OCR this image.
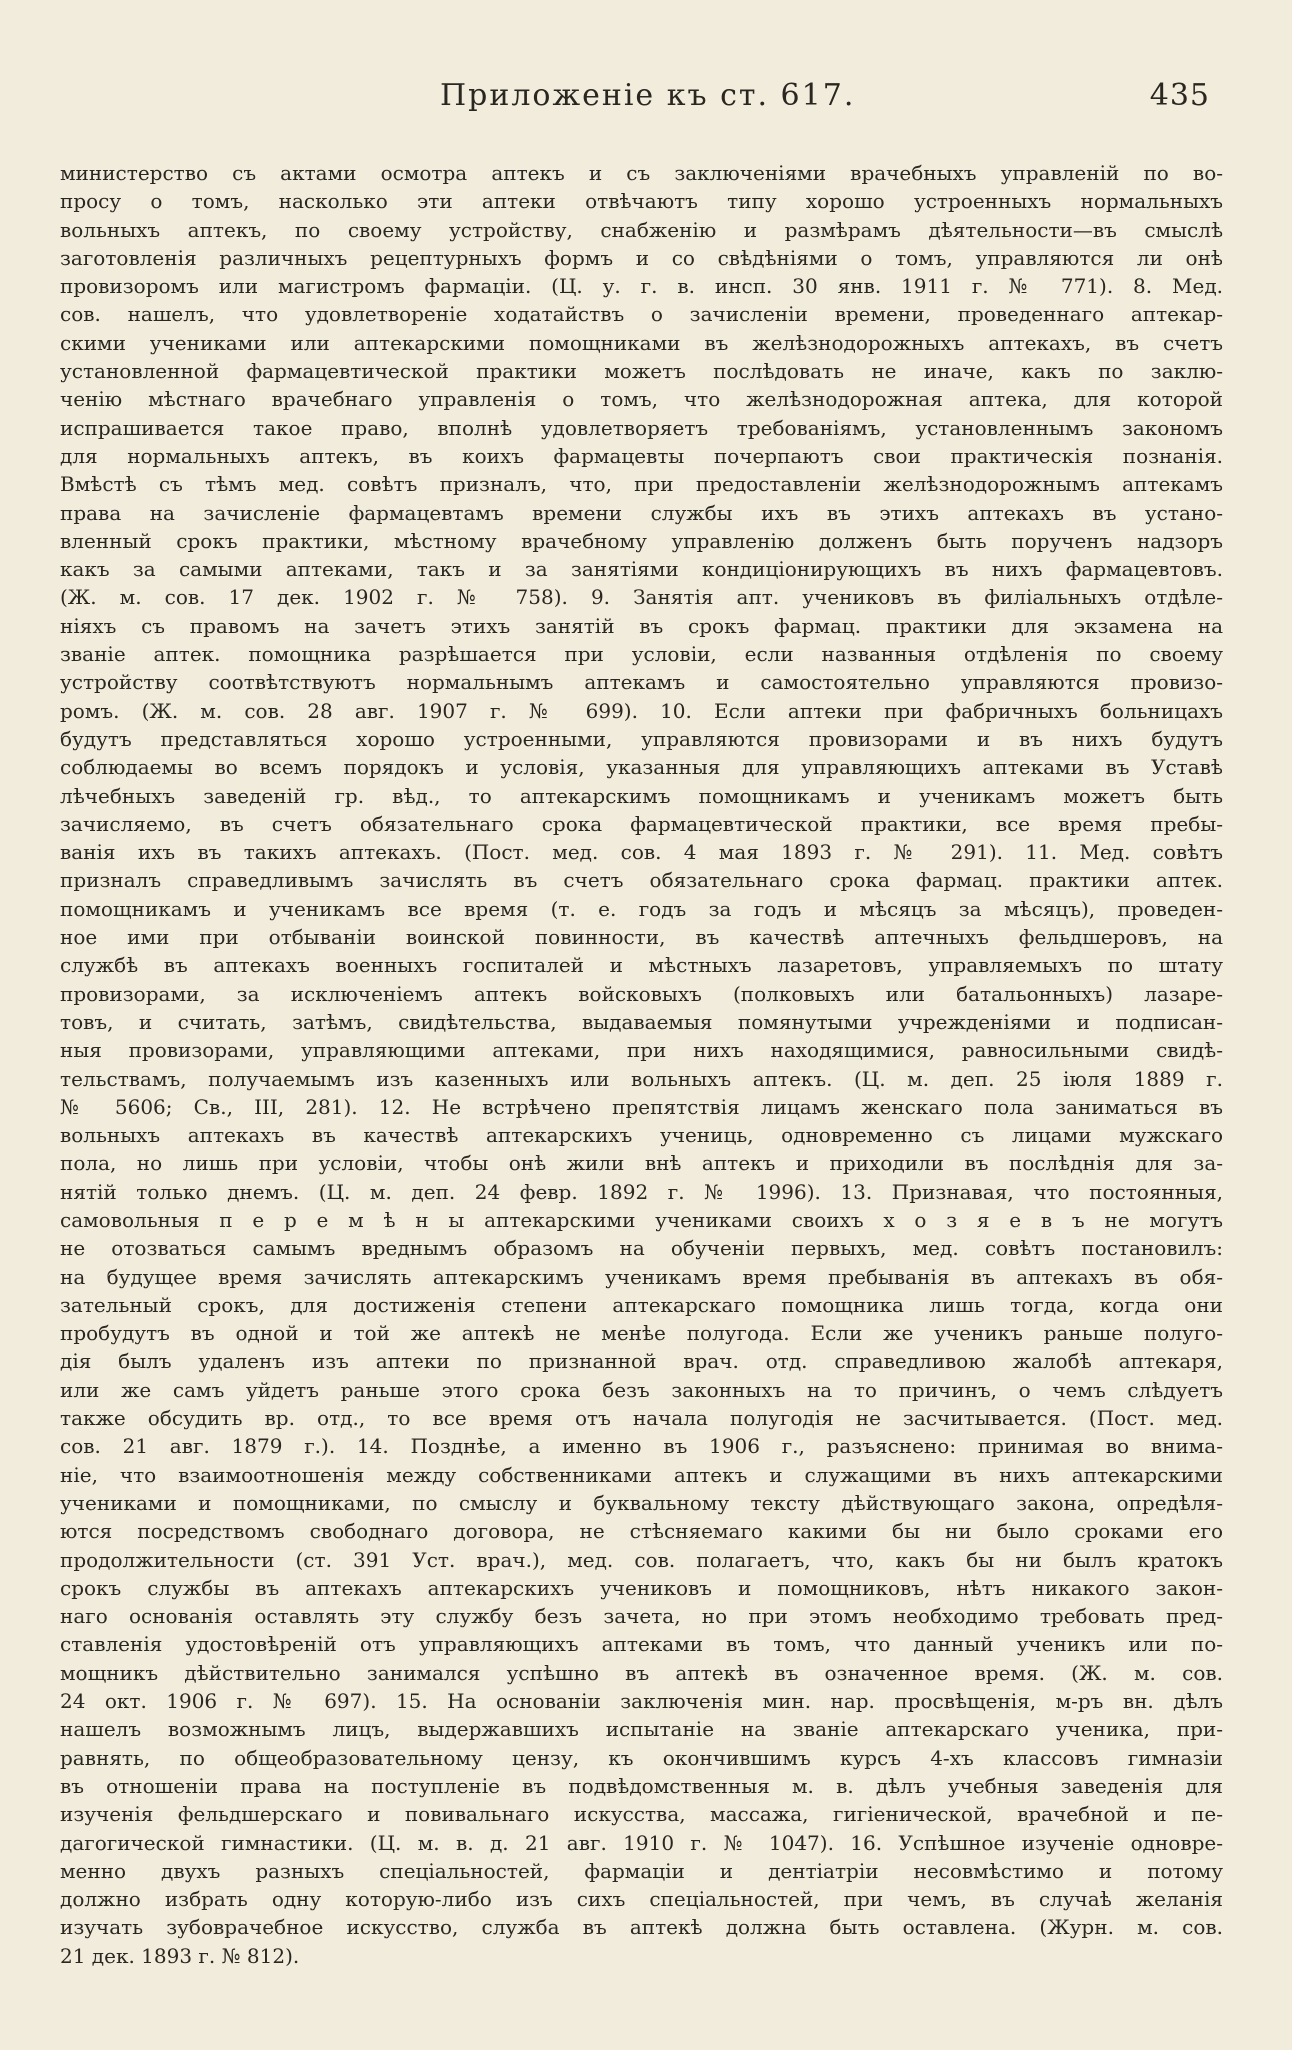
Приложенiе къ ст. 617.	435
министерство съ актами осмотра аптекъ и съ заключенiями врачебныхъ управленiй по во-
просу о томъ, насколько эти аптеки отвѣчаютъ типу хорошо устроенныхъ нормальныхъ
вольныхъ аптекъ, по своему устройству, снабженiю и размѣрамъ дѣятельности—въ смыслѣ
заготовленiя различныхъ рецептурныхъ формъ и со свѣдѣнiями о томъ, управляются ли онѣ
провизоромъ или магистромъ фармацiи. (Ц. у. г. в. инсп. 30 янв. 1911 г. № 771). 8. Мед.
сов. нашелъ, что удовлетворенiе ходатайствъ о зачисленiи времени, проведеннаго аптекар-
скими учениками или аптекарскими помощниками въ желѣзнодорожныхъ аптекахъ, въ счетъ
установленной фармацевтической практики можетъ послѣдовать не иначе, какъ по заклю-
ченiю мѣстнаго врачебнаго управленiя о томъ, что желѣзнодорожная аптека, для которой
испрашивается такое право, вполнѣ удовлетворяетъ требованiямъ, установленнымъ закономъ
для нормальныхъ аптекъ, въ коихъ фармацевты почерпаютъ свои практическiя познанiя.
Вмѣстѣ съ тѣмъ мед. совѣтъ призналъ, что, при предоставленiи желѣзнодорожнымъ аптекамъ
права на зачисленiе фармацевтамъ времени службы ихъ въ этихъ аптекахъ въ устано-
вленный срокъ практики, мѣстному врачебному управленiю долженъ быть порученъ надзоръ
какъ за самыми аптеками, такъ и за занятiями кондицiонирующихъ въ нихъ фармацевтовъ.
(Ж. м. сов. 17 дек. 1902 г. № 758). 9. Занятiя апт. учениковъ въ филiальныхъ отдѣле-
нiяхъ съ правомъ на зачетъ этихъ занятiй въ срокъ фармац. практики для экзамена на
званiе аптек. помощника разрѣшается при условiи, если названныя отдѣленiя по своему
устройству соотвѣтствуютъ нормальнымъ аптекамъ и самостоятельно управляются провизо-
ромъ. (Ж. м. сов. 28 авг. 1907 г. № 699). 10. Если аптеки при фабричныхъ больницахъ
будутъ представляться хорошо устроенными, управляются провизорами и въ нихъ будутъ
соблюдаемы во всемъ порядокъ и условiя, указанныя для управляющихъ аптеками въ Уставѣ
лѣчебныхъ заведенiй гр. вѣд., то аптекарскимъ помощникамъ и ученикамъ можетъ быть
зачисляемо, въ счетъ обязательнаго срока фармацевтической практики, все время пребы-
ванiя ихъ въ такихъ аптекахъ. (Пост. мед. сов. 4 мая 1893 г. № 291). 11. Мед. совѣтъ
призналъ справедливымъ зачислять въ счетъ обязательнаго срока фармац. практики аптек.
помощникамъ и ученикамъ все время (т. е. годъ за годъ и мѣсяцъ за мѣсяцъ), проведен-
ное ими при отбыванiи воинской повинности, въ качествѣ аптечныхъ фельдшеровъ, на
службѣ въ аптекахъ военныхъ госпиталей и мѣстныхъ лазаретовъ, управляемыхъ по штату
провизорами, за исключенiемъ аптекъ войсковыхъ (полковыхъ или батальонныхъ) лазаре-
товъ, и считать, затѣмъ, свидѣтельства, выдаваемыя помянутыми учрежденiями и подписан-
ныя провизорами, управляющими аптеками, при нихъ находящимися, равносильными свидѣ-
тельствамъ, получаемымъ изъ казенныхъ или вольныхъ аптекъ. (Ц. м. деп. 25 iюля 1889 г.
№ 5606; Св., III, 281). 12. Не встрѣчено препятствiя лицамъ женскаго пола заниматься въ
вольныхъ аптекахъ въ качествѣ аптекарскихъ учениць, одновременно съ лицами мужскаго
пола, но лишь при условiи, чтобы онѣ жили внѣ аптекъ и приходили въ послѣднiя для за-
нятiй только днемъ. (Ц. м. деп. 24 февр. 1892 г. № 1996). 13. Признавая, что постоянныя,
самовольныя п е р е м ѣ н ы аптекарскими учениками своихъ х о з я е в ъ не могутъ
не отозваться самымъ вреднымъ образомъ на обученiи первыхъ, мед. совѣтъ постановилъ:
на будущее время зачислять аптекарскимъ ученикамъ время пребыванiя въ аптекахъ въ обя-
зательный срокъ, для достиженiя степени аптекарскаго помощника лишь тогда, когда они
пробудутъ въ одной и той же аптекѣ не менѣе полугода. Если же ученикъ раньше полуго-
дiя былъ удаленъ изъ аптеки по признанной врач. отд. справедливою жалобѣ аптекаря,
или же самъ уйдетъ раньше этого срока безъ законныхъ на то причинъ, о чемъ слѣдуетъ
также обсудить вр. отд., то все время отъ начала полугодiя не засчитывается. (Пост. мед.
сов. 21 авг. 1879 г.). 14. Позднѣе, а именно въ 1906 г., разъяснено: принимая во внима-
нiе, что взаимоотношенiя между собственниками аптекъ и служащими въ нихъ аптекарскими
учениками и помощниками, по смыслу и буквальному тексту дѣйствующаго закона, опредѣля-
ются посредствомъ свободнаго договора, не стѣсняемаго какими бы ни было сроками его
продолжительности (ст. 391 Уст. врач.), мед. сов. полагаетъ, что, какъ бы ни былъ кратокъ
срокъ службы въ аптекахъ аптекарскихъ учениковъ и помощниковъ, нѣтъ никакого закон-
наго основанiя оставлять эту службу безъ зачета, но при этомъ необходимо требовать пред-
ставленiя удостовѣренiй отъ управляющихъ аптеками въ томъ, что данный ученикъ или по-
мощникъ дѣйствительно занимался успѣшно въ аптекѣ въ означенное время. (Ж. м. сов.
24 окт. 1906 г. № 697). 15. На основанiи заключенiя мин. нар. просвѣщенiя, м-ръ вн. дѣлъ
нашелъ возможнымъ лицъ, выдержавшихъ испытанiе на званiе аптекарскаго ученика, при-
равнять, по общеобразовательному цензу, къ окончившимъ курсъ 4-хъ классовъ гимназiи
въ отношенiи права на поступленiе въ подвѣдомственныя м. в. дѣлъ учебныя заведенiя для
изученiя фельдшерскаго и повивальнаго искусства, массажа, гигiенической, врачебной и пе-
дагогической гимнастики. (Ц. м. в. д. 21 авг. 1910 г. № 1047). 16. Успѣшное изученiе одновре-
менно двухъ разныхъ спецiальностей, фармацiи и дентiатрiи несовмѣстимо и потому
должно избрать одну которую-либо изъ сихъ спецiальностей, при чемъ, въ случаѣ желанiя
изучать зубоврачебное искусство, служба въ аптекѣ должна быть оставлена. (Журн. м. сов.
21 дек. 1893 г. № 812).
